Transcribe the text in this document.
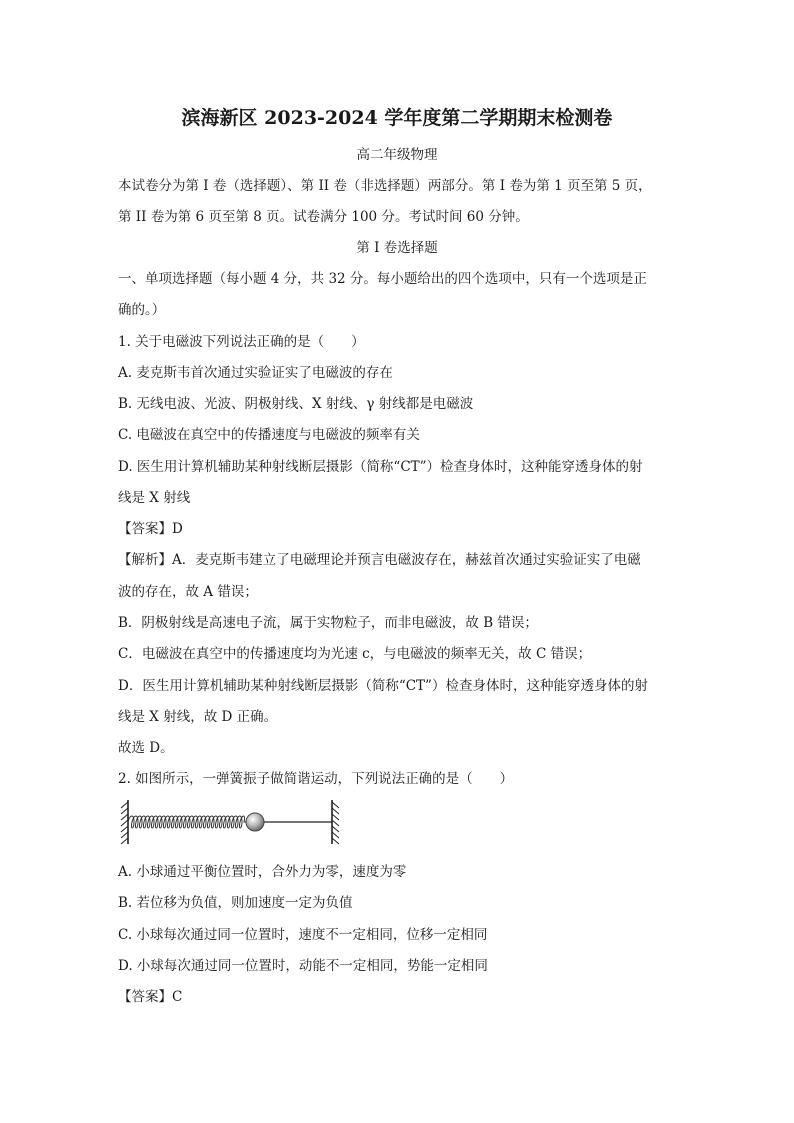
滨海新区 2023-2024 学年度第二学期期末检测卷
高二年级物理
本试卷分为第 I 卷（选择题）、第 II 卷（非选择题）两部分。第 I 卷为第 1 页至第 5 页，
第 II 卷为第 6 页至第 8 页。试卷满分 100 分。考试时间 60 分钟。
第 I 卷选择题
一、单项选择题（每小题 4 分，共 32 分。每小题给出的四个选项中，只有一个选项是正
确的。）
1. 关于电磁波下列说法正确的是（　　）
A. 麦克斯韦首次通过实验证实了电磁波的存在
B. 无线电波、光波、阴极射线、X 射线、γ 射线都是电磁波
C. 电磁波在真空中的传播速度与电磁波的频率有关
D. 医生用计算机辅助某种射线断层摄影（简称“CT”）检查身体时，这种能穿透身体的射
线是 X 射线
【答案】D
【解析】A．麦克斯韦建立了电磁理论并预言电磁波存在，赫兹首次通过实验证实了电磁
波的存在，故 A 错误；
B．阴极射线是高速电子流，属于实物粒子，而非电磁波，故 B 错误；
C．电磁波在真空中的传播速度均为光速 c，与电磁波的频率无关，故 C 错误；
D．医生用计算机辅助某种射线断层摄影（简称“CT”）检查身体时，这种能穿透身体的射
线是 X 射线，故 D 正确。
故选 D。
2. 如图所示，一弹簧振子做简谐运动，下列说法正确的是（　　）
A. 小球通过平衡位置时，合外力为零，速度为零
B. 若位移为负值，则加速度一定为负值
C. 小球每次通过同一位置时，速度不一定相同，位移一定相同
D. 小球每次通过同一位置时，动能不一定相同，势能一定相同
【答案】C
